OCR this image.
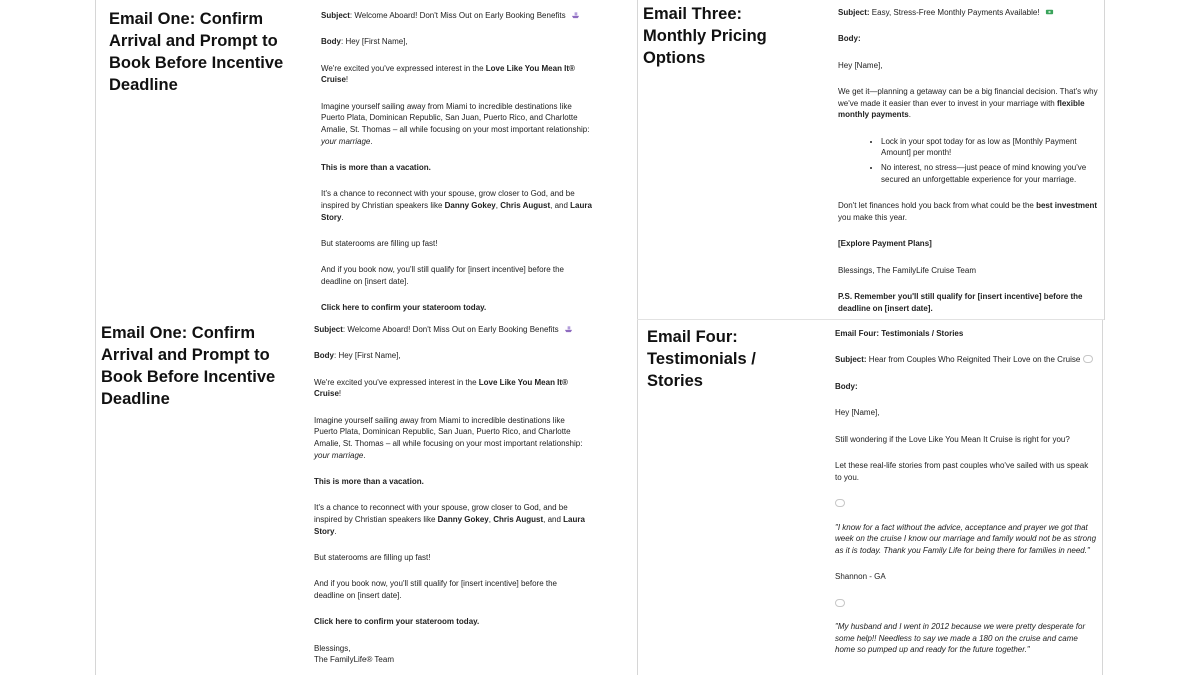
Email One: Confirm Arrival and Prompt to Book Before Incentive Deadline

Subject: Welcome Aboard! Don't Miss Out on Early Booking Benefits

Body: Hey [First Name],

We're excited you've expressed interest in the Love Like You Mean It® Cruise!

Imagine yourself sailing away from Miami to incredible destinations like Puerto Plata, Dominican Republic, San Juan, Puerto Rico, and Charlotte Amalie, St. Thomas – all while focusing on your most important relationship: your marriage.

This is more than a vacation.

It's a chance to reconnect with your spouse, grow closer to God, and be inspired by Christian speakers like Danny Gokey, Chris August, and Laura Story.

But staterooms are filling up fast!

And if you book now, you'll still qualify for [insert incentive] before the deadline on [insert date].

Click here to confirm your stateroom today.

Email One: Confirm Arrival and Prompt to Book Before Incentive Deadline

Subject: Welcome Aboard! Don't Miss Out on Early Booking Benefits

Body: Hey [First Name],

We're excited you've expressed interest in the Love Like You Mean It® Cruise!

Imagine yourself sailing away from Miami to incredible destinations like Puerto Plata, Dominican Republic, San Juan, Puerto Rico, and Charlotte Amalie, St. Thomas – all while focusing on your most important relationship: your marriage.

This is more than a vacation.

It's a chance to reconnect with your spouse, grow closer to God, and be inspired by Christian speakers like Danny Gokey, Chris August, and Laura Story.

But staterooms are filling up fast!

And if you book now, you'll still qualify for [insert incentive] before the deadline on [insert date].

Click here to confirm your stateroom today.

Blessings,
The FamilyLife® Team

Email Three: Monthly Pricing Options

Subject: Easy, Stress-Free Monthly Payments Available!

Body:

Hey [Name],

We get it—planning a getaway can be a big financial decision. That's why we've made it easier than ever to invest in your marriage with flexible monthly payments.

• Lock in your spot today for as low as [Monthly Payment Amount] per month!
• No interest, no stress—just peace of mind knowing you've secured an unforgettable experience for your marriage.

Don't let finances hold you back from what could be the best investment you make this year.

[Explore Payment Plans]

Blessings, The FamilyLife Cruise Team

P.S. Remember you'll still qualify for [insert incentive] before the deadline on [insert date].

Email Four: Testimonials / Stories

Email Four: Testimonials / Stories

Subject: Hear from Couples Who Reignited Their Love on the Cruise

Body:

Hey [Name],

Still wondering if the Love Like You Mean It Cruise is right for you?

Let these real-life stories from past couples who've sailed with us speak to you.

"I know for a fact without the advice, acceptance and prayer we got that week on the cruise I know our marriage and family would not be as strong as it is today. Thank you Family Life for being there for families in need."

Shannon - GA

"My husband and I went in 2012 because we were pretty desperate for some help!! Needless to say we made a 180 on the cruise and came home so pumped up and ready for the future together."
